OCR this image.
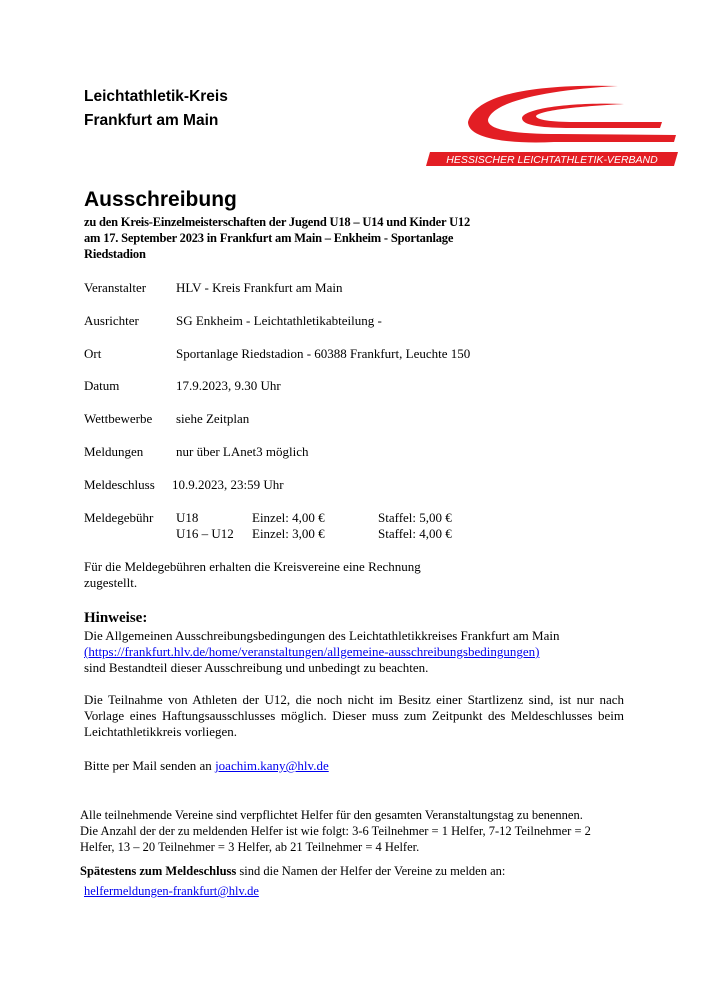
Leichtathletik-Kreis
Frankfurt am Main
HESSISCHER LEICHTATHLETIK-VERBAND
Ausschreibung
zu den Kreis-Einzelmeisterschaften der Jugend U18 – U14 und Kinder U12
am 17. September 2023 in Frankfurt am Main – Enkheim - Sportanlage
Riedstadion
Veranstalter HLV - Kreis Frankfurt am Main
Ausrichter	SG Enkheim - Leichtathletikabteilung -
Ort	Sportanlage Riedstadion - 60388 Frankfurt, Leuchte 150
Datum	17.9.2023, 9.30 Uhr
Wettbewerbe siehe Zeitplan
Meldungen	nur über LAnet3 möglich
Meldeschluss 10.9.2023, 23:59 Uhr
Meldegebühr U18	Einzel: 4,00 €	Staffel: 5,00 €
U16 – U12 Einzel: 3,00 €	Staffel: 4,00 €
Für die Meldegebühren erhalten die Kreisvereine eine Rechnung
zugestellt.
Hinweise:
Die Allgemeinen Ausschreibungsbedingungen des Leichtathletikkreises Frankfurt am Main
(https://frankfurt.hlv.de/home/veranstaltungen/allgemeine-ausschreibungsbedingungen)
sind Bestandteil dieser Ausschreibung und unbedingt zu beachten.
Die Teilnahme von Athleten der U12, die noch nicht im Besitz einer Startlizenz sind, ist nur nach Vorlage eines Haftungsausschlusses möglich. Dieser muss zum Zeitpunkt des Meldeschlusses beim Leichtathletikkreis vorliegen.
Bitte per Mail senden an joachim.kany@hlv.de
Alle teilnehmende Vereine sind verpflichtet Helfer für den gesamten Veranstaltungstag zu benennen.
Die Anzahl der der zu meldenden Helfer ist wie folgt: 3-6 Teilnehmer = 1 Helfer, 7-12 Teilnehmer = 2
Helfer, 13 – 20 Teilnehmer = 3 Helfer, ab 21 Teilnehmer = 4 Helfer.
Spätestens zum Meldeschluss sind die Namen der Helfer der Vereine zu melden an:
helfermeldungen-frankfurt@hlv.de
